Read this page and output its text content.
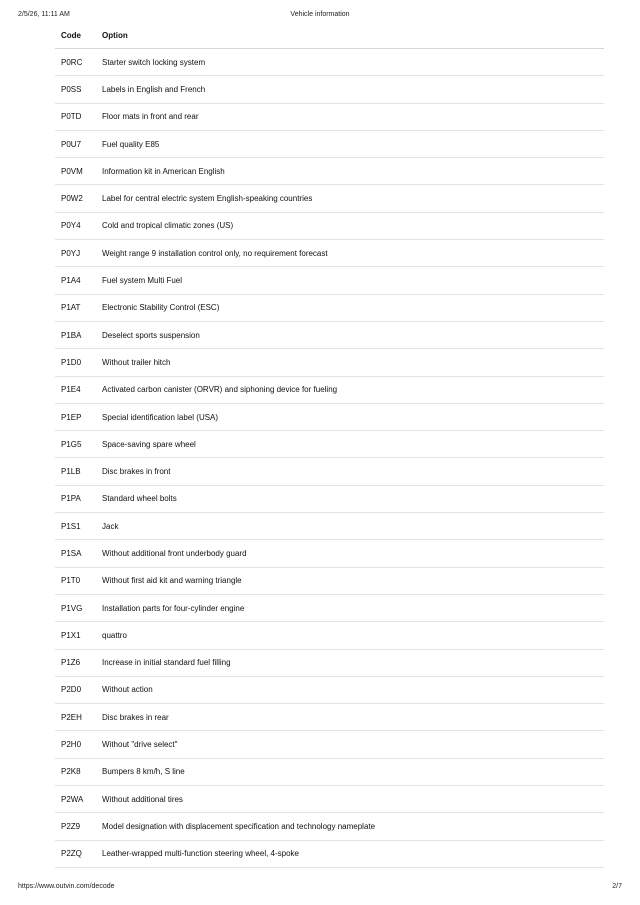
2/5/26, 11:11 AM	Vehicle information
Code	Option
P0RC	Starter switch locking system
P0SS	Labels in English and French
P0TD	Floor mats in front and rear
P0U7	Fuel quality E85
P0VM	Information kit in American English
P0W2	Label for central electric system English-speaking countries
P0Y4	Cold and tropical climatic zones (US)
P0YJ	Weight range 9 installation control only, no requirement forecast
P1A4	Fuel system Multi Fuel
P1AT	Electronic Stability Control (ESC)
P1BA	Deselect sports suspension
P1D0	Without trailer hitch
P1E4	Activated carbon canister (ORVR) and siphoning device for fueling
P1EP	Special identification label (USA)
P1G5	Space-saving spare wheel
P1LB	Disc brakes in front
P1PA	Standard wheel bolts
P1S1	Jack
P1SA	Without additional front underbody guard
P1T0	Without first aid kit and warning triangle
P1VG	Installation parts for four-cylinder engine
P1X1	quattro
P1Z6	Increase in initial standard fuel filling
P2D0	Without action
P2EH	Disc brakes in rear
P2H0	Without "drive select"
P2K8	Bumpers 8 km/h, S line
P2WA	Without additional tires
P2Z9	Model designation with displacement specification and technology nameplate
P2ZQ	Leather-wrapped multi-function steering wheel, 4-spoke
https://www.outvin.com/decode	2/7
